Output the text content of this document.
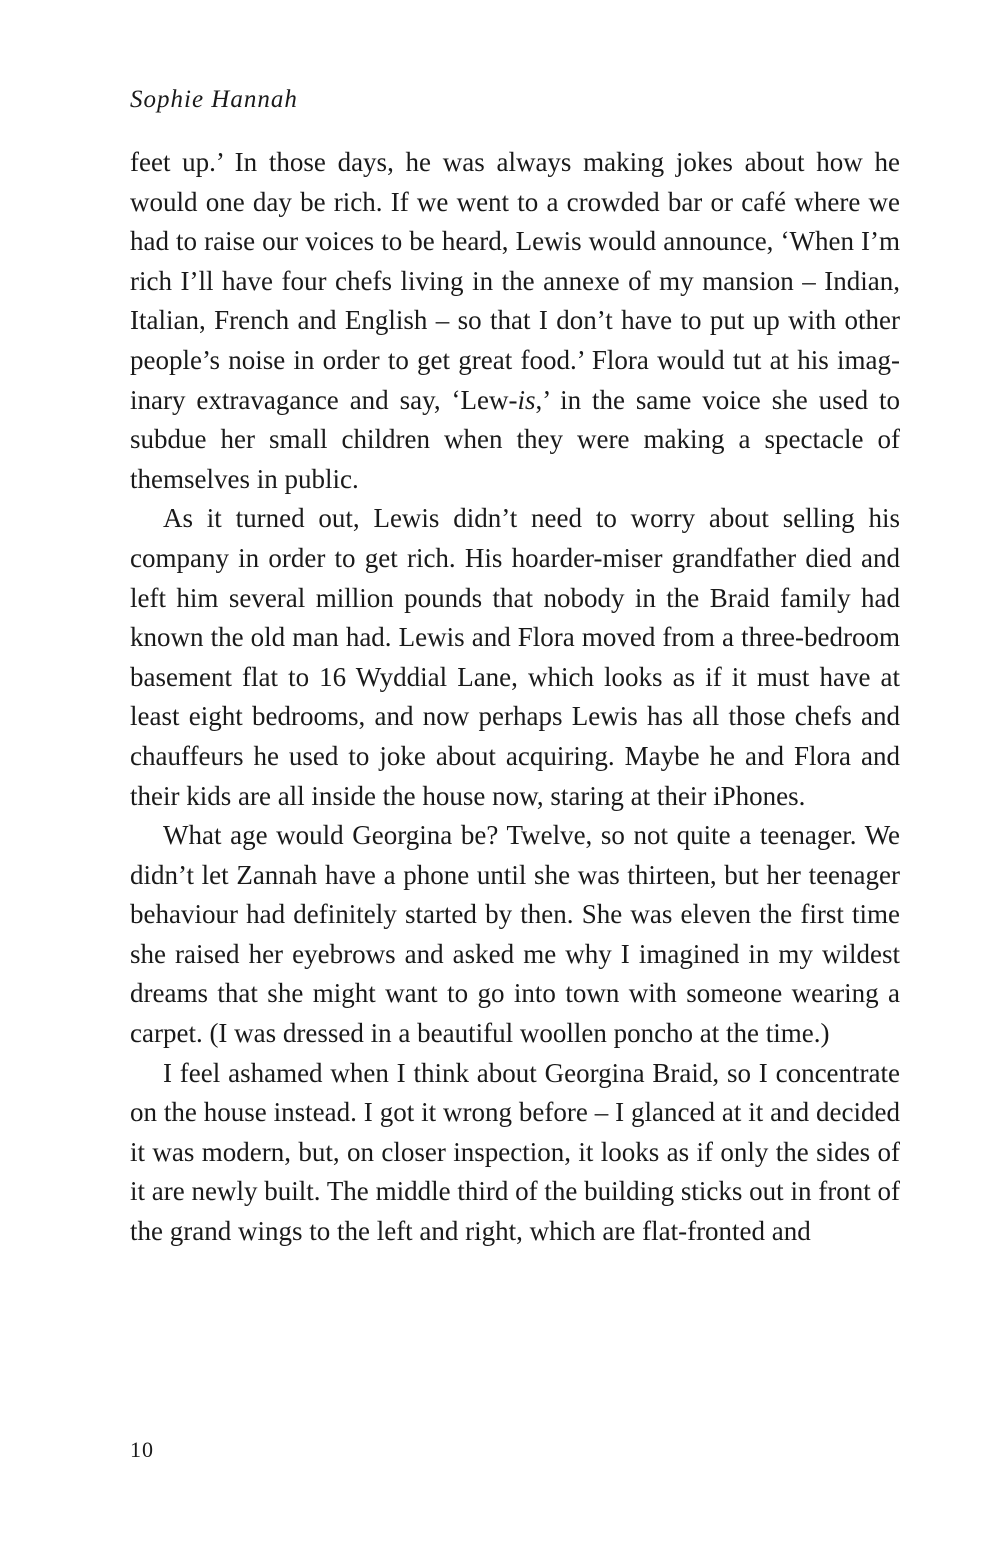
Sophie Hannah

feet up.’ In those days, he was always making jokes about how he would one day be rich. If we went to a crowded bar or café where we had to raise our voices to be heard, Lewis would announce, ‘When I’m rich I’ll have four chefs living in the annexe of my mansion – Indian, Italian, French and English – so that I don’t have to put up with other people’s noise in order to get great food.’ Flora would tut at his imaginary extravagance and say, ‘Lew-is,’ in the same voice she used to subdue her small children when they were making a spectacle of themselves in public.

As it turned out, Lewis didn’t need to worry about selling his company in order to get rich. His hoarder-miser grandfather died and left him several million pounds that nobody in the Braid family had known the old man had. Lewis and Flora moved from a three-bedroom basement flat to 16 Wyddial Lane, which looks as if it must have at least eight bedrooms, and now perhaps Lewis has all those chefs and chauffeurs he used to joke about acquiring. Maybe he and Flora and their kids are all inside the house now, staring at their iPhones.

What age would Georgina be? Twelve, so not quite a teenager. We didn’t let Zannah have a phone until she was thirteen, but her teenager behaviour had definitely started by then. She was eleven the first time she raised her eyebrows and asked me why I imagined in my wildest dreams that she might want to go into town with someone wearing a carpet. (I was dressed in a beautiful woollen poncho at the time.)

I feel ashamed when I think about Georgina Braid, so I concentrate on the house instead. I got it wrong before – I glanced at it and decided it was modern, but, on closer inspection, it looks as if only the sides of it are newly built. The middle third of the building sticks out in front of the grand wings to the left and right, which are flat-fronted and

10
